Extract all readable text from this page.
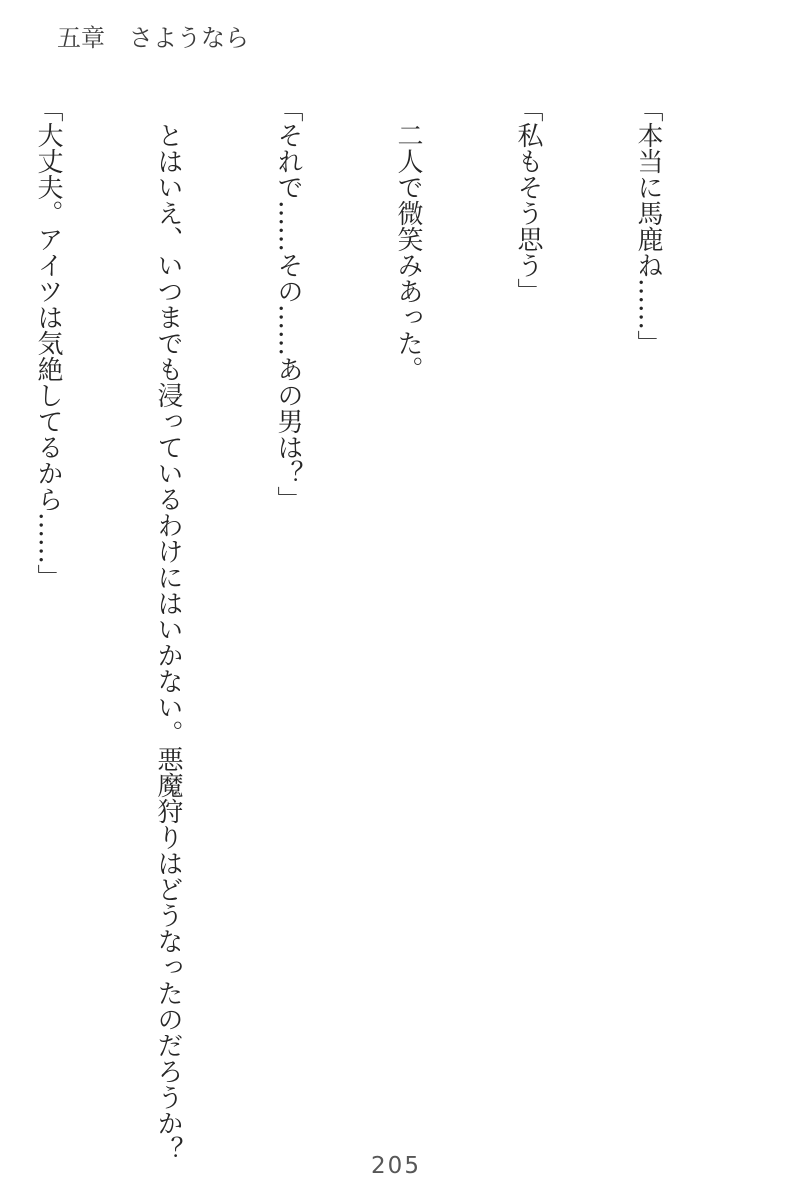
五章　さようなら

「本当に馬鹿ね……」

「私もそう思う」

　二人で微笑みあった。

「それで……その……あの男は？」

　とはいえ、いつまでも浸っているわけにはいかない。悪魔狩りはどうなったのだろうか？

「大丈夫。アイツは気絶してるから……」

205
